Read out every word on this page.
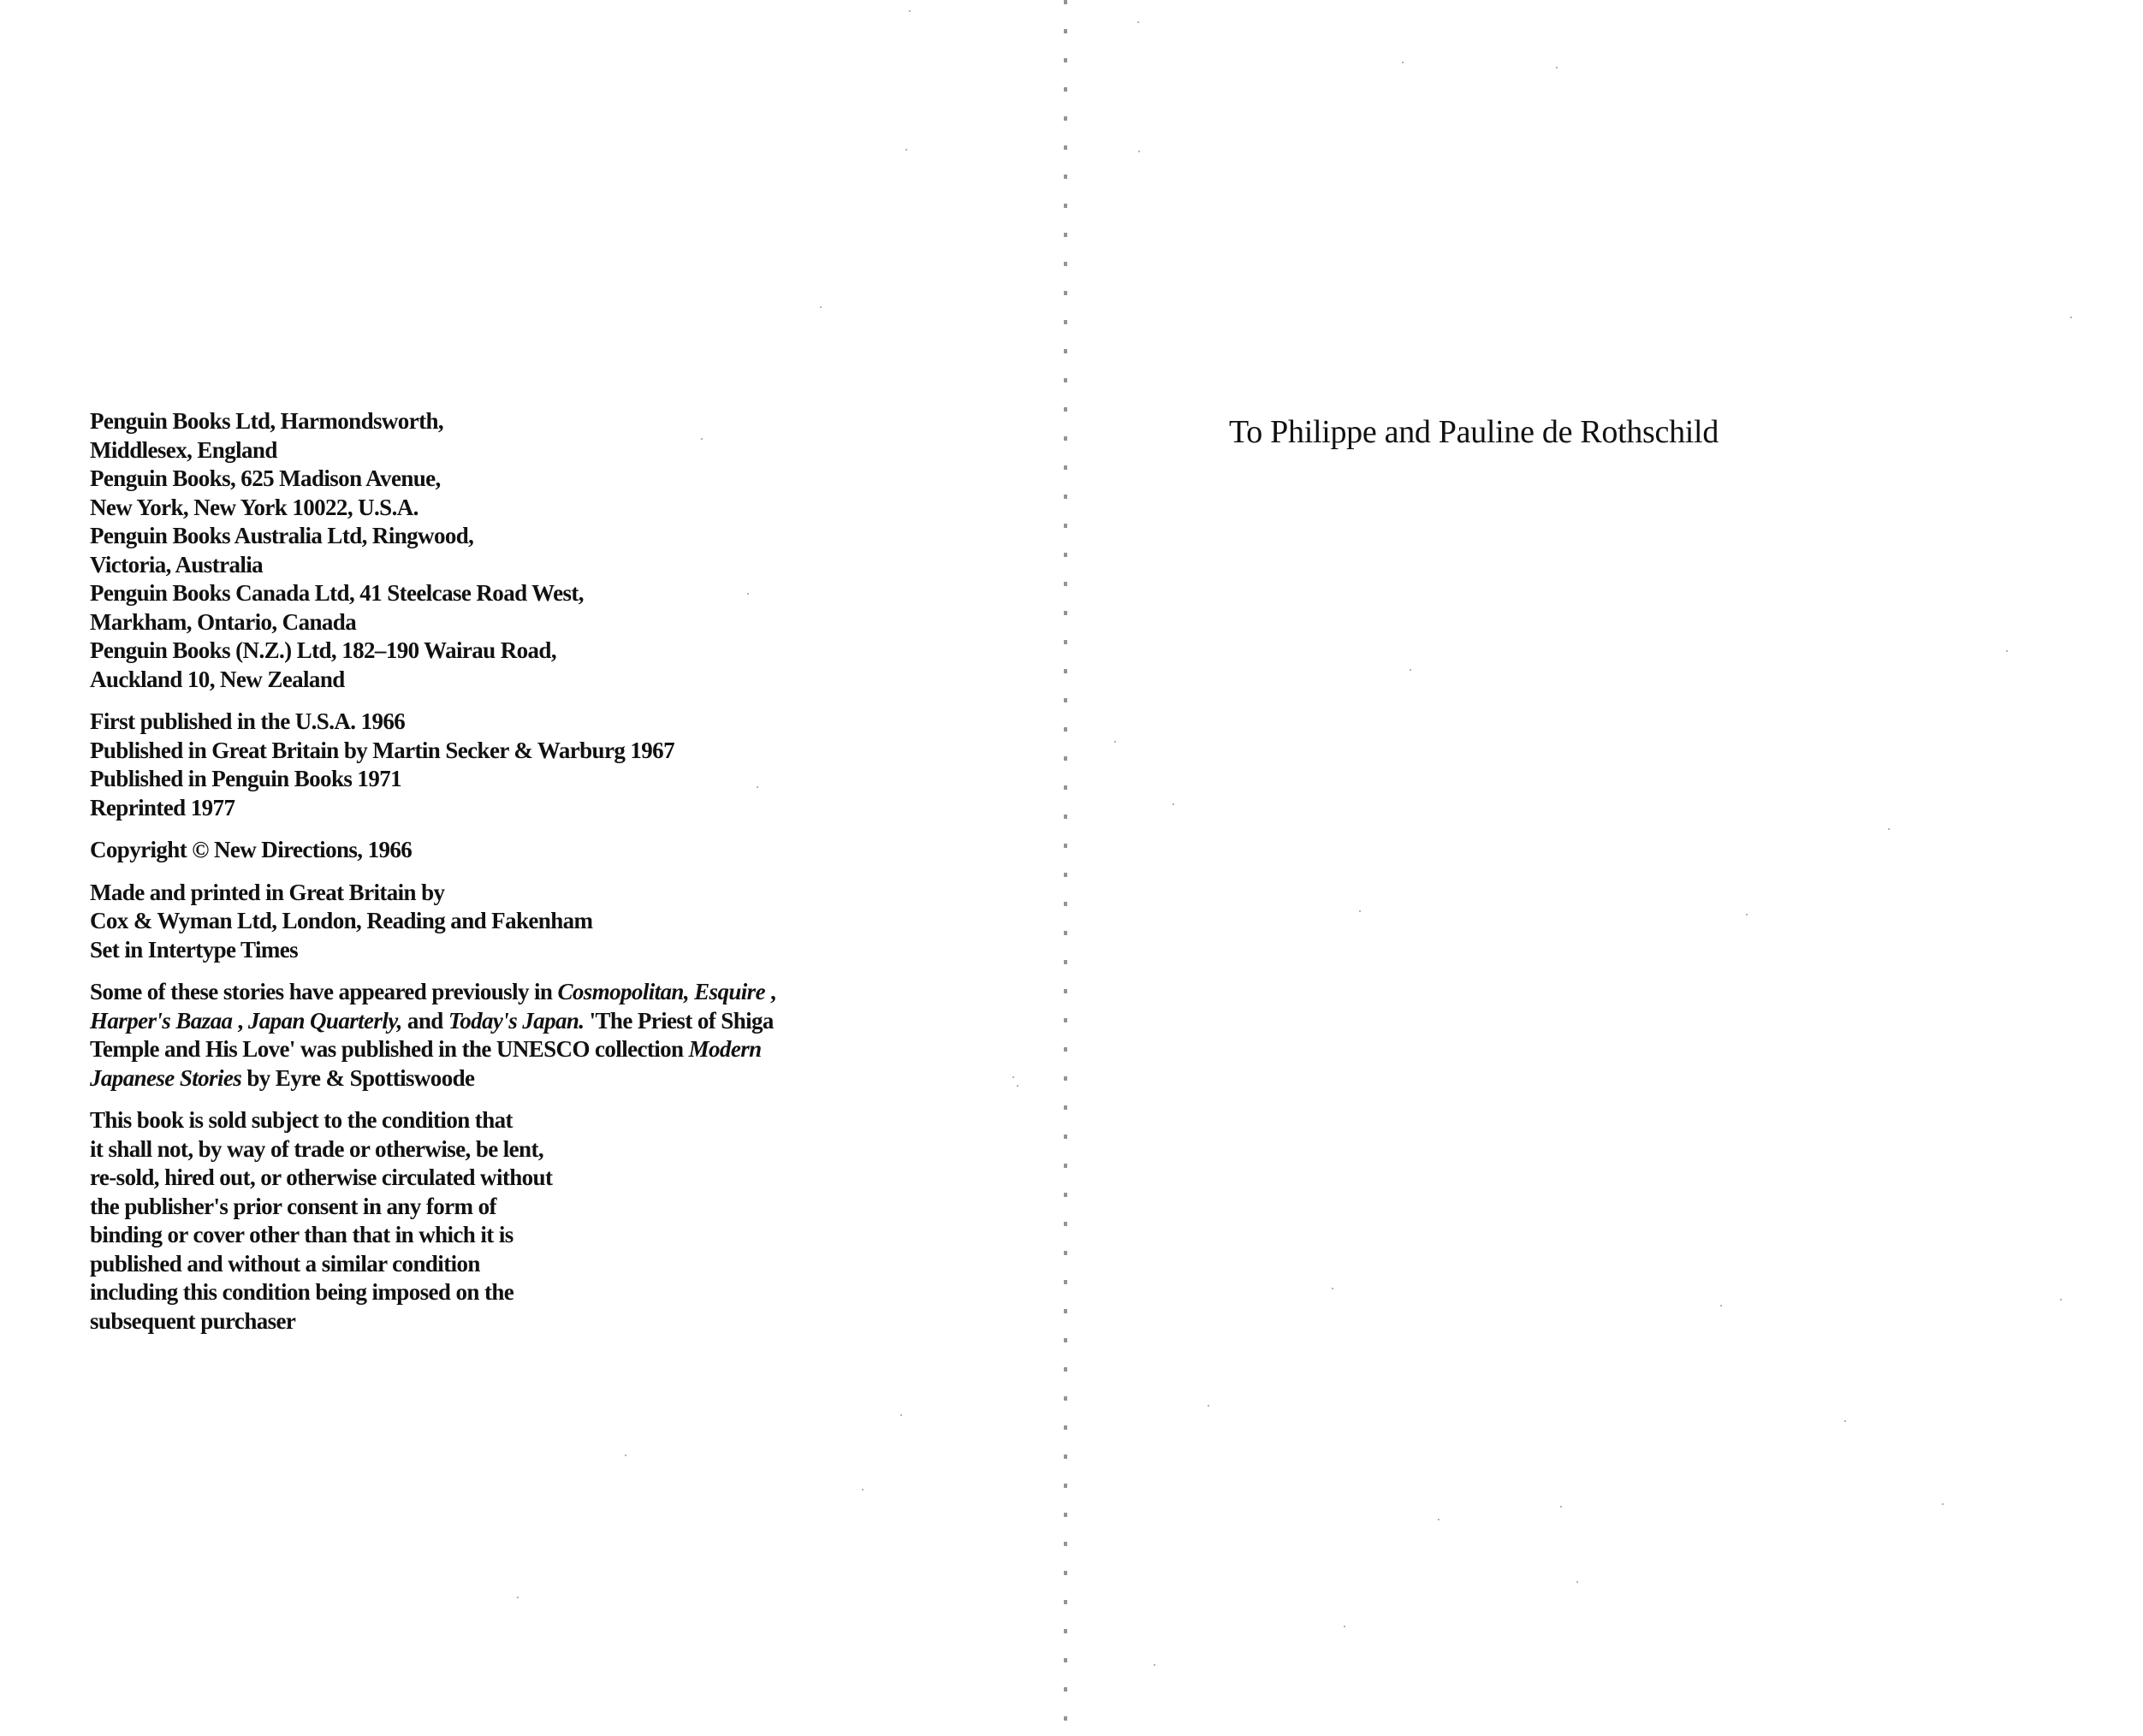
Penguin Books Ltd, Harmondsworth,
Middlesex, England
Penguin Books, 625 Madison Avenue,
New York, New York 10022, U.S.A.
Penguin Books Australia Ltd, Ringwood,
Victoria, Australia
Penguin Books Canada Ltd, 41 Steelcase Road West,
Markham, Ontario, Canada
Penguin Books (N.Z.) Ltd, 182–190 Wairau Road,
Auckland 10, New Zealand
First published in the U.S.A. 1966
Published in Great Britain by Martin Secker & Warburg 1967
Published in Penguin Books 1971
Reprinted 1977
Copyright © New Directions, 1966
Made and printed in Great Britain by
Cox & Wyman Ltd, London, Reading and Fakenham
Set in Intertype Times
Some of these stories have appeared previously in Cosmopolitan, Esquire ,
Harper's Bazaa , Japan Quarterly, and Today's Japan. 'The Priest of Shiga
Temple and His Love' was published in the UNESCO collection Modern
Japanese Stories by Eyre & Spottiswoode
This book is sold subject to the condition that
it shall not, by way of trade or otherwise, be lent,
re-sold, hired out, or otherwise circulated without
the publisher's prior consent in any form of
binding or cover other than that in which it is
published and without a similar condition
including this condition being imposed on the
subsequent purchaser
To Philippe and Pauline de Rothschild
